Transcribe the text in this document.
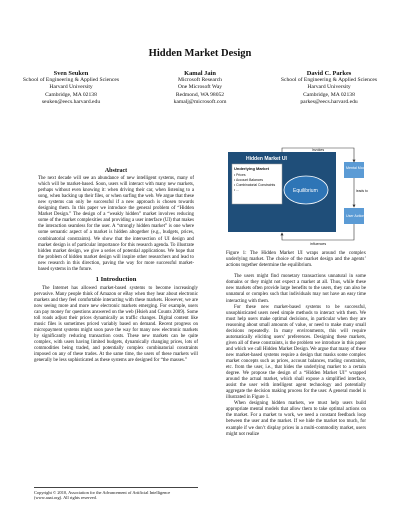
Hidden Market Design
Sven Seuken
School of Engineering & Applied Sciences
Harvard University
Cambridge, MA 02138
seuken@eecs.harvard.edu
Kamal Jain
Microsoft Research
One Microsoft Way
Redmond, WA 98052
kamalj@microsoft.com
David C. Parkes
School of Engineering & Applied Sciences
Harvard University
Cambridge, MA 02138
parkes@eecs.harvard.edu
Abstract
The next decade will see an abundance of new intelligent systems, many of which will be market-based. Soon, users will interact with many new markets, perhaps without even knowing it: when driving their car, when listening to a song, when backing up their files, or when surfing the web. We argue that these new systems can only be successful if a new approach is chosen towards designing them. In this paper we introduce the general problem of “Hidden Market Design.” The design of a “weakly hidden” market involves reducing some of the market complexities and providing a user interface (UI) that makes the interaction seamless for the user. A “strongly hidden market” is one where some semantic aspect of a market is hidden altogether (e.g., budgets, prices, combinatorial constraints). We show that the intersection of UI design and market design is of particular importance for this research agenda. To illustrate hidden market design, we give a series of potential applications. We hope that the problem of hidden market design will inspire other researchers and lead to new research in this direction, paving the way for more successful market-based systems in the future.
1 Introduction
The Internet has allowed market-based systems to become increasingly pervasive. Many people think of Amazon or eBay when they hear about electronic markets and they feel comfortable interacting with these markets. However, we are now seeing more and more new electronic markets emerging. For example, users can pay money for questions answered on the web (Hsieh and Counts 2009). Some toll roads adjust their prices dynamically as traffic changes. Digital content like music files is sometimes priced variably based on demand. Recent progress on micropayment systems might soon pave the way for many new electronic markets by significantly reducing transaction costs. These new markets can be quite complex, with users having limited budgets, dynamically changing prices, lots of commodities being traded, and potentially complex combinatorial constraints imposed on any of these trades. At the same time, the users of these markets will generally be less sophisticated as these systems are designed for “the masses.”
Copyright © 2010, Association for the Advancement of Artificial Intelligence (www.aaai.org). All rights reserved.
Hidden Market UI
Underlying Market
• Prices
• Account Balances
• Combinatorial Constraints
• ...	Equilibrium
Mental Model
User Action
invokes
leads to
influences
Figure 1: The Hidden Market UI wraps around the complex underlying market. The choice of the market design and the agents’ actions together determine the equilibrium.
The users might find monetary transactions unnatural in some domains or they might not expect a market at all. Thus, while these new markets often provide large benefits to the users, they can also be unnatural or complex such that individuals may not have an easy time interacting with them.
For these new market-based systems to be successful, unsophisticated users need simple methods to interact with them. We must help users make optimal decisions, in particular when they are reasoning about small amounts of value, or need to make many small decisions repeatedly. In many environments, this will require automatically eliciting users’ preferences. Designing these markets, given all of these constraints, is the problem we introduce in this paper and which we call Hidden Market Design. We argue that many of these new market-based systems require a design that masks some complex market concepts such as prices, account balances, trading constraints, etc. from the user, i.e., that hides the underlying market to a certain degree. We propose the design of a “Hidden Market UI” wrapped around the actual market, which shall expose a simplified interface, assist the user with intelligent agent technology and potentially aggregate the decision making process for the user. A general model is illustrated in Figure 1.
When designing hidden markets, we must help users build appropriate mental models that allow them to take optimal actions on the market. For a market to work, we need a constant feedback loop between the user and the market. If we hide the market too much, for example if we don’t display prices in a multi-commodity market, users might not realize
